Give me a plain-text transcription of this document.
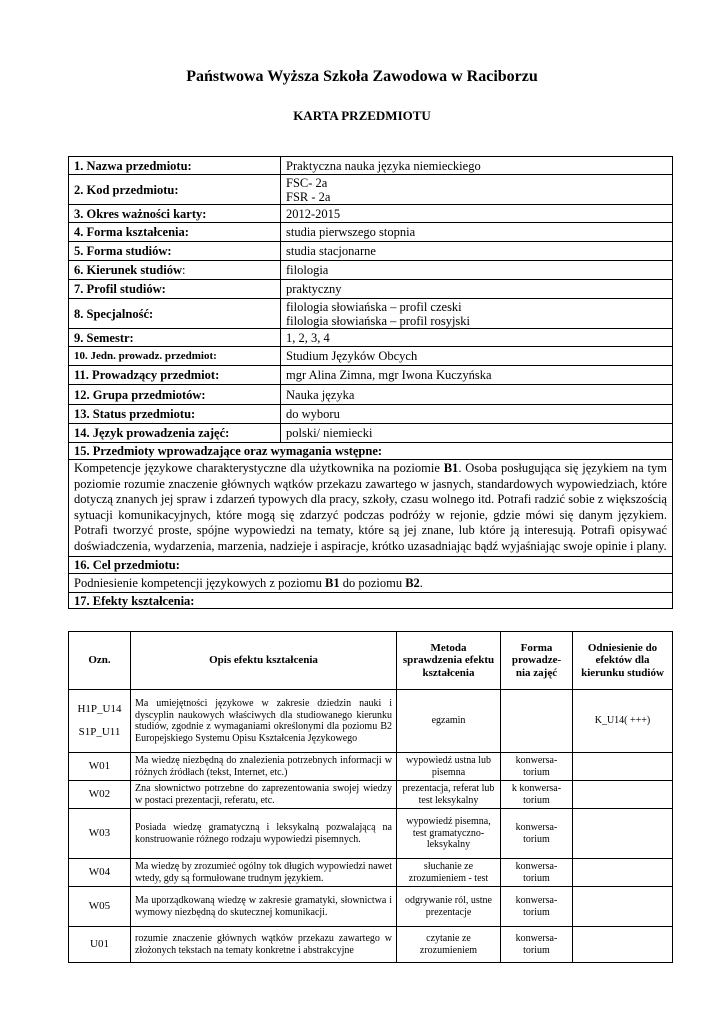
Państwowa Wyższa Szkoła Zawodowa w Raciborzu
KARTA PRZEDMIOTU
1. Nazwa przedmiotu:	Praktyczna nauka języka niemieckiego
2. Kod przedmiotu:	FSC- 2a
FSR - 2a

3. Okres ważności karty:	2012-2015
4. Forma kształcenia:	studia pierwszego stopnia
5. Forma studiów:	studia stacjonarne
6. Kierunek studiów:	filologia
7. Profil studiów:	praktyczny
8. Specjalność:	filologia słowiańska – profil czeski
filologia słowiańska – profil rosyjski

9. Semestr:	1, 2, 3, 4
10. Jedn. prowadz. przedmiot:	Studium Języków Obcych
11. Prowadzący przedmiot:	mgr Alina Zimna, mgr Iwona Kuczyńska
12. Grupa przedmiotów:	Nauka języka
13. Status przedmiotu:	do wyboru
14. Język prowadzenia zajęć:	polski/ niemiecki
15. Przedmioty wprowadzające oraz wymagania wstępne:	
Kompetencje językowe charakterystyczne dla użytkownika na poziomie B1. Osoba posługująca się językiem na tym poziomie rozumie znaczenie głównych wątków przekazu zawartego w jasnych, standardowych wypowiedziach, które dotyczą znanych jej spraw i zdarzeń typowych dla pracy, szkoły, czasu wolnego itd. Potrafi radzić sobie z większością sytuacji komunikacyjnych, które mogą się zdarzyć podczas podróży w rejonie, gdzie mówi się danym językiem. Potrafi tworzyć proste, spójne wypowiedzi na tematy, które są jej znane, lub które ją interesują. Potrafi opisywać doświadczenia, wydarzenia, marzenia, nadzieje i aspiracje, krótko uzasadniając bądź wyjaśniając swoje opinie i plany.	
16. Cel przedmiotu:	
Podniesienie kompetencji językowych z poziomu B1 do poziomu B2.	
17. Efekty kształcenia:	
Ozn.	Opis efektu kształcenia	Metoda sprawdzenia efektu kształcenia	Forma prowadze-nia zajęć	Odniesienie do efektów dla kierunku studiów

H1P_U14
S1P_U11	Ma umiejętności językowe w zakresie dziedzin nauki i dyscyplin naukowych właściwych dla studiowanego kierunku studiów, zgodnie z wymaganiami określonymi dla poziomu B2 Europejskiego Systemu Opisu Kształcenia Językowego	egzamin		K_U14( +++)
W01	Ma wiedzę niezbędną do znalezienia potrzebnych informacji w różnych źródłach (tekst, Internet, etc.)	wypowiedź ustna lub pisemna	konwersa-torium	
W02	Zna słownictwo potrzebne do zaprezentowania swojej wiedzy w postaci prezentacji, referatu, etc.	prezentacja, referat lub test leksykalny	k konwersa-torium	
W03	Posiada wiedzę gramatyczną i leksykalną pozwalającą na konstruowanie różnego rodzaju wypowiedzi pisemnych.	wypowiedź pisemna, test gramatyczno-leksykalny	konwersa-torium	
W04	Ma wiedzę by zrozumieć ogólny tok długich wypowiedzi nawet wtedy, gdy są formułowane trudnym językiem.	słuchanie ze zrozumieniem - test	konwersa-torium	
W05	Ma uporządkowaną wiedzę w zakresie gramatyki, słownictwa i wymowy niezbędną do skutecznej komunikacji.	odgrywanie ról, ustne prezentacje	konwersa-torium	
U01	rozumie znaczenie głównych wątków przekazu zawartego w złożonych tekstach na tematy konkretne i abstrakcyjne	czytanie ze zrozumieniem	konwersa-torium	
